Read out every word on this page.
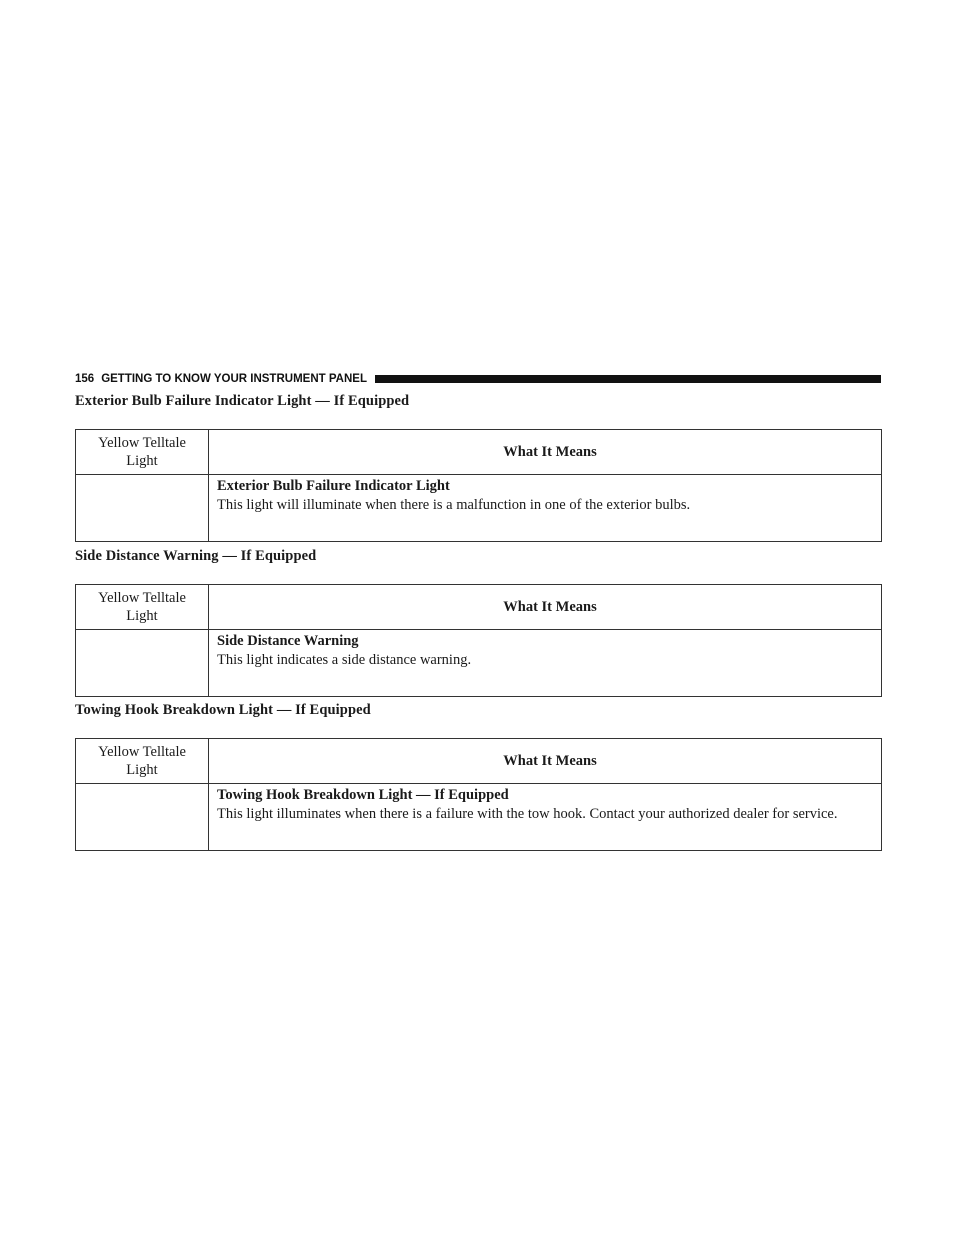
156 GETTING TO KNOW YOUR INSTRUMENT PANEL
Exterior Bulb Failure Indicator Light — If Equipped
Yellow Telltale
Light	What It Means

	Exterior Bulb Failure Indicator Light
This light will illuminate when there is a malfunction in one of the exterior bulbs.
Side Distance Warning — If Equipped
Yellow Telltale
Light	What It Means

	Side Distance Warning
This light indicates a side distance warning.
Towing Hook Breakdown Light — If Equipped
Yellow Telltale
Light	What It Means

	Towing Hook Breakdown Light — If Equipped
This light illuminates when there is a failure with the tow hook. Contact your authorized dealer for service.
